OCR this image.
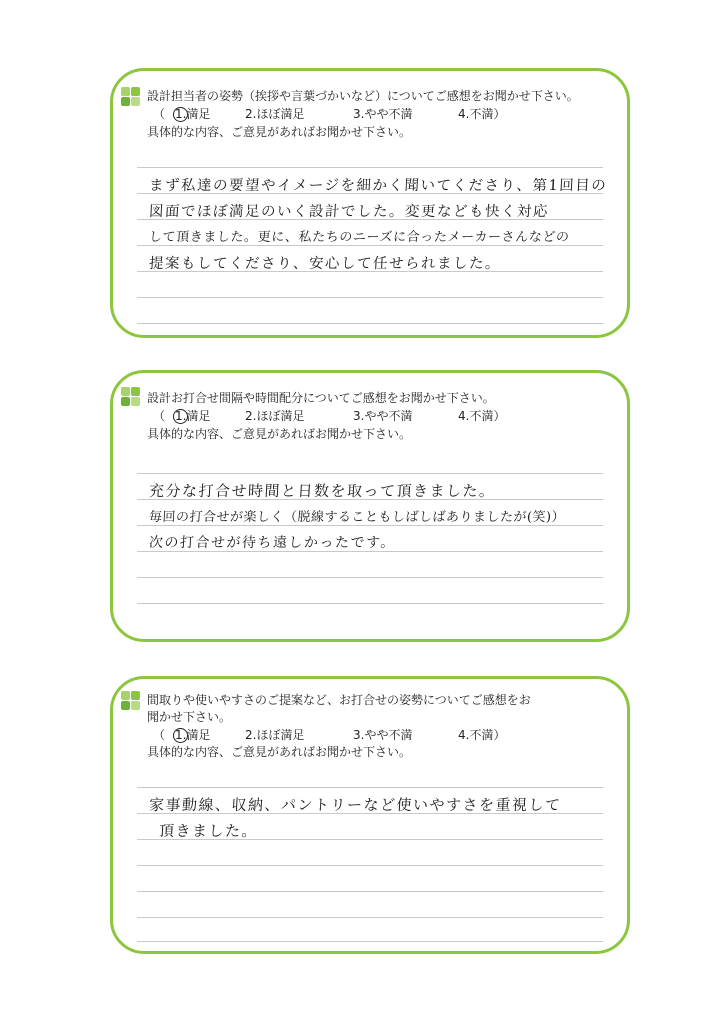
設計担当者の姿勢（挨拶や言葉づかいなど）についてご感想をお聞かせ下さい。
（ 1.満足	2.ほぼ満足	3.やや不満	4.不満）
具体的な内容、ご意見があればお聞かせ下さい。
まず私達の要望やイメージを細かく聞いてくださり、第1回目の
図面でほぼ満足のいく設計でした。変更なども快く対応
して頂きました。更に、私たちのニーズに合ったメーカーさんなどの
提案もしてくださり、安心して任せられました。
設計お打合せ間隔や時間配分についてご感想をお聞かせ下さい。
（ 1.満足	2.ほぼ満足	3.やや不満	4.不満）
具体的な内容、ご意見があればお聞かせ下さい。
充分な打合せ時間と日数を取って頂きました。
毎回の打合せが楽しく（脱線することもしばしばありましたが(笑)）
次の打合せが待ち遠しかったです。
間取りや使いやすさのご提案など、お打合せの姿勢についてご感想をお
聞かせ下さい。
（ 1.満足	2.ほぼ満足	3.やや不満	4.不満）
具体的な内容、ご意見があればお聞かせ下さい。
家事動線、収納、パントリーなど使いやすさを重視して
頂きました。
